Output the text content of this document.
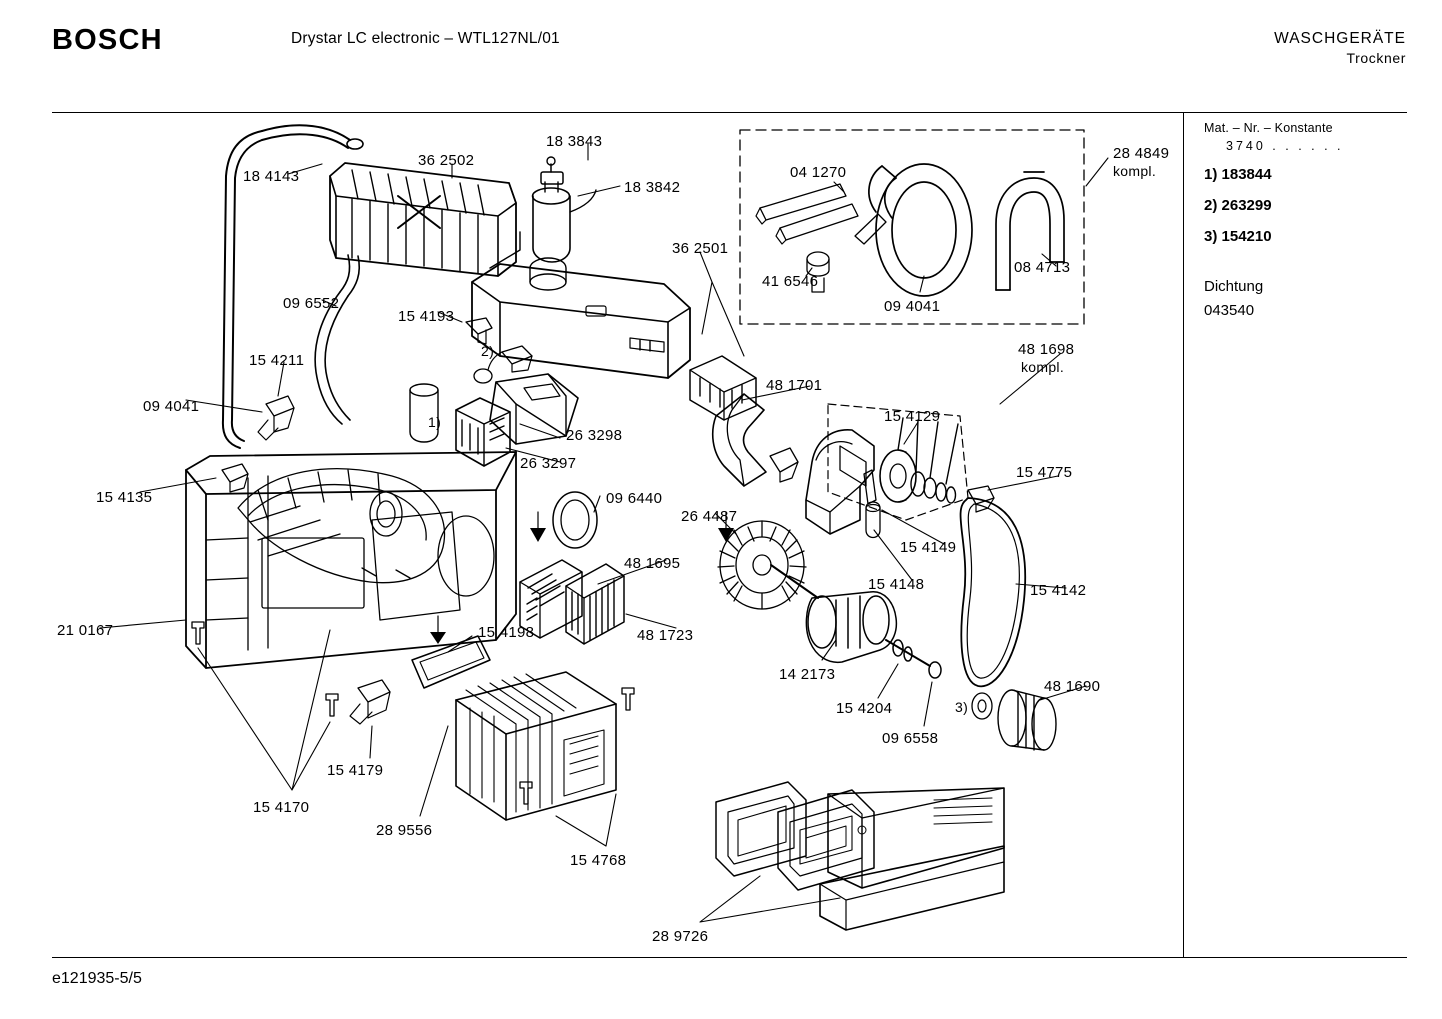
BOSCH	Drystar LC electronic – WTL127NL/01	WASCHGERÄTE
Trockner
Mat. – Nr. – Konstante
3740 . . . . . .
1) 183844
2) 263299
3) 154210
Dichtung
043540
e121935-5/5
18 4143
36 2502
18 3843
18 3842
36 2501
09 6552
15 4193
15 4211
09 4041
2)
1)
26 3298
26 3297
15 4135	09 6440
26 4487
48 1695
21 0167	48 1723
15 4198
15 4179
15 4170
28 9556
15 4768
04 1270
41 6546
09 4041
08 4713
28 4849
kompl.
48 1698
kompl.
48 1701
15 4129
15 4775
15 4149
15 4148	15 4142
14 2173
15 4204	3)
48 1690
09 6558
28 9726
